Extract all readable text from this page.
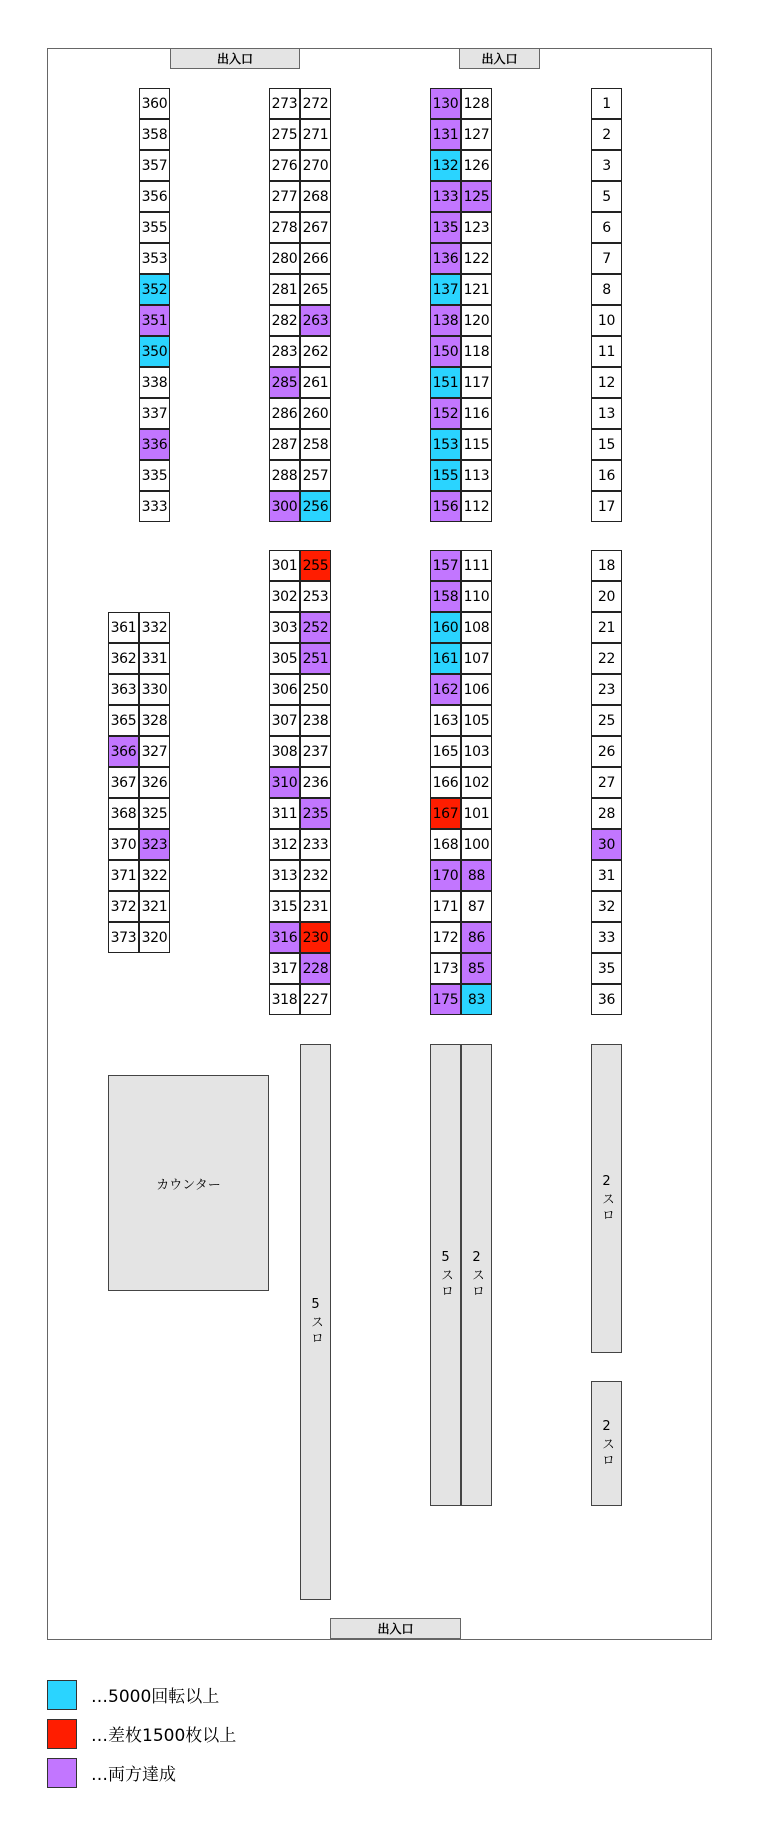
出入口	出入口
出入口
カウンター
5スロ
5スロ 2スロ
2スロ
2スロ
360
358
357
356
355
353
352
351
350
338
337
336
335
333
273
275
276
277
278
280
281
282
283
285
286
287
288
300
272
271
270
268
267
266
265
263
262
261
260
258
257
256
130
131
132
133
135
136
137
138
150
151
152
153
155
156
128
127
126
125
123
122
121
120
118
117
116
115
113
112
1
2
3
5
6
7
8
10
11
12
13
15
16
17
361
362
363
365
366
367
368
370
371
372
373
332
331
330
328
327
326
325
323
322
321
320
301
302
303
305
306
307
308
310
311
312
313
315
316
317
318
255
253
252
251
250
238
237
236
235
233
232
231
230
228
227
157
158
160
161
162
163
165
166
167
168
170
171
172
173
175
111
110
108
107
106
105
103
102
101
100
88
87
86
85
83
18
20
21
22
23
25
26
27
28
30
31
32
33
35
36
…5000回転以上
…差枚1500枚以上
…両方達成
